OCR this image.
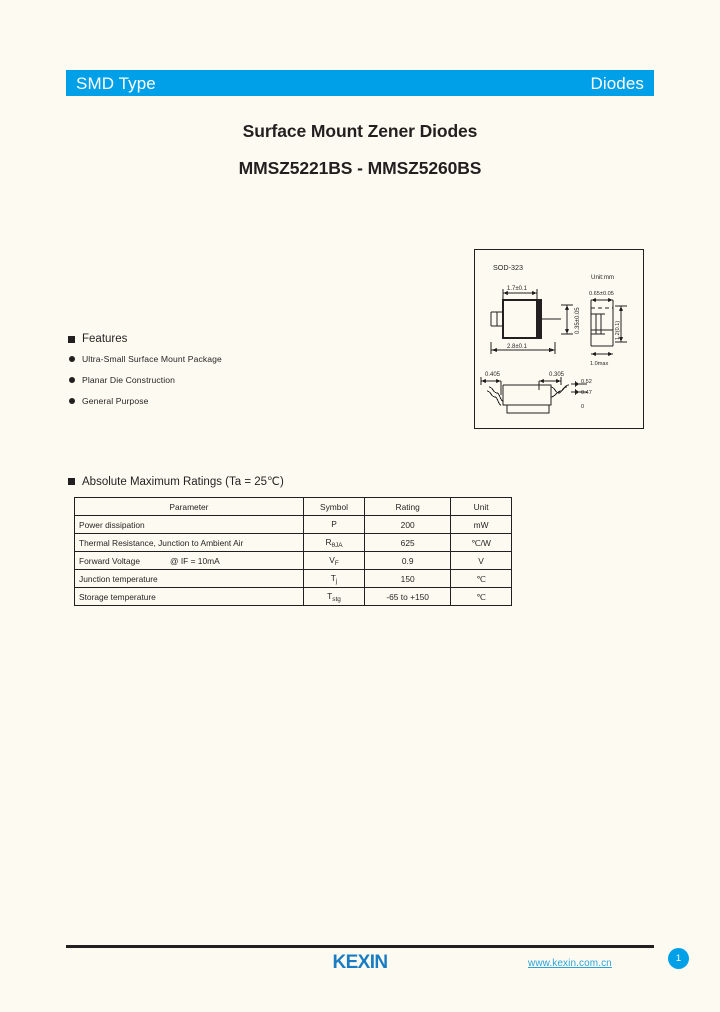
SMD Type	Diodes
Surface Mount Zener Diodes
MMSZ5221BS - MMSZ5260BS
Features
Ultra-Small Surface Mount Package
Planar Die Construction
General Purpose
SOD-323
Unit:mm
1.7±0.1
0.35±0.05
2.8±0.1
0.65±0.05
1.2(0.1)
1.0max
0.405	0.305
0.52
0.47
0
Absolute Maximum Ratings (Ta = 25℃)
Parameter	Symbol	Rating	Unit
Power dissipation	P	200	mW
Thermal Resistance, Junction to Ambient Air	$R_{\theta JA}$	625	℃/W
Forward Voltage @ IF = 10mA	$V_F$	0.9	V
Junction temperature	$T_j$	150	℃
Storage temperature	$T_{stg}$	-65 to +150	℃
KEXIN	www.kexin.com.cn	1
